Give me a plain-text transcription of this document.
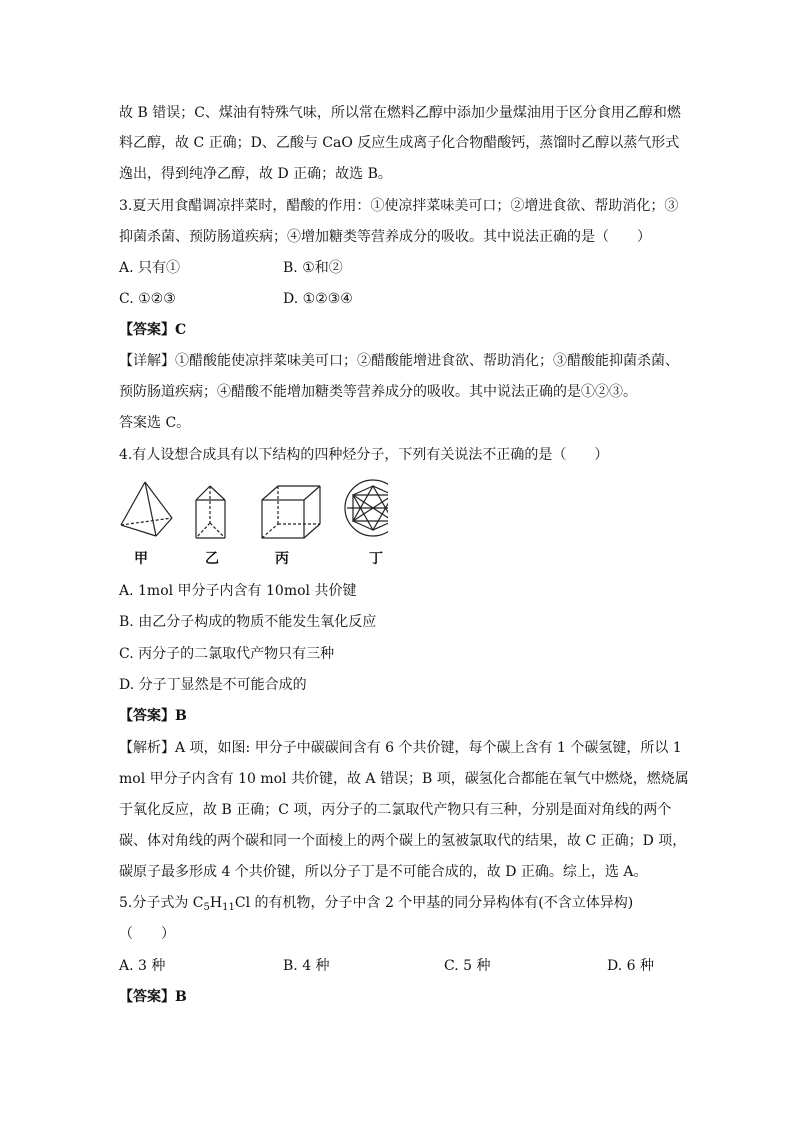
故 B 错误；C、煤油有特殊气味，所以常在燃料乙醇中添加少量煤油用于区分食用乙醇和燃
料乙醇，故 C 正确；D、乙酸与 CaO 反应生成离子化合物醋酸钙，蒸馏时乙醇以蒸气形式
逸出，得到纯净乙醇，故 D 正确；故选 B。
3.夏天用食醋调凉拌菜时，醋酸的作用：①使凉拌菜味美可口；②增进食欲、帮助消化；③
抑菌杀菌、预防肠道疾病；④增加糖类等营养成分的吸收。其中说法正确的是（　　）
A. 只有①	B. ①和②
C. ①②③	D. ①②③④
【答案】C
【详解】①醋酸能使凉拌菜味美可口；②醋酸能增进食欲、帮助消化；③醋酸能抑菌杀菌、
预防肠道疾病；④醋酸不能增加糖类等营养成分的吸收。其中说法正确的是①②③。
答案选 C。
4.有人设想合成具有以下结构的四种烃分子，下列有关说法不正确的是（　　）
甲	乙	丙	丁
A. 1mol 甲分子内含有 10mol 共价键
B. 由乙分子构成的物质不能发生氧化反应
C. 丙分子的二氯取代产物只有三种
D. 分子丁显然是不可能合成的
【答案】B
【解析】A 项，如图: 甲分子中碳碳间含有 6 个共价键，每个碳上含有 1 个碳氢键，所以 1
mol 甲分子内含有 10 mol 共价键，故 A 错误；B 项，碳氢化合都能在氧气中燃烧，燃烧属
于氧化反应，故 B 正确；C 项，丙分子的二氯取代产物只有三种，分别是面对角线的两个
碳、体对角线的两个碳和同一个面棱上的两个碳上的氢被氯取代的结果，故 C 正确；D 项，
碳原子最多形成 4 个共价键，所以分子丁是不可能合成的，故 D 正确。综上，选 A。
5.分子式为 $C_5H_{11}Cl$ 的有机物，分子中含 2 个甲基的同分异构体有(不含立体异构)
（　　）
A. 3 种	B. 4 种	C. 5 种	D. 6 种
【答案】B
